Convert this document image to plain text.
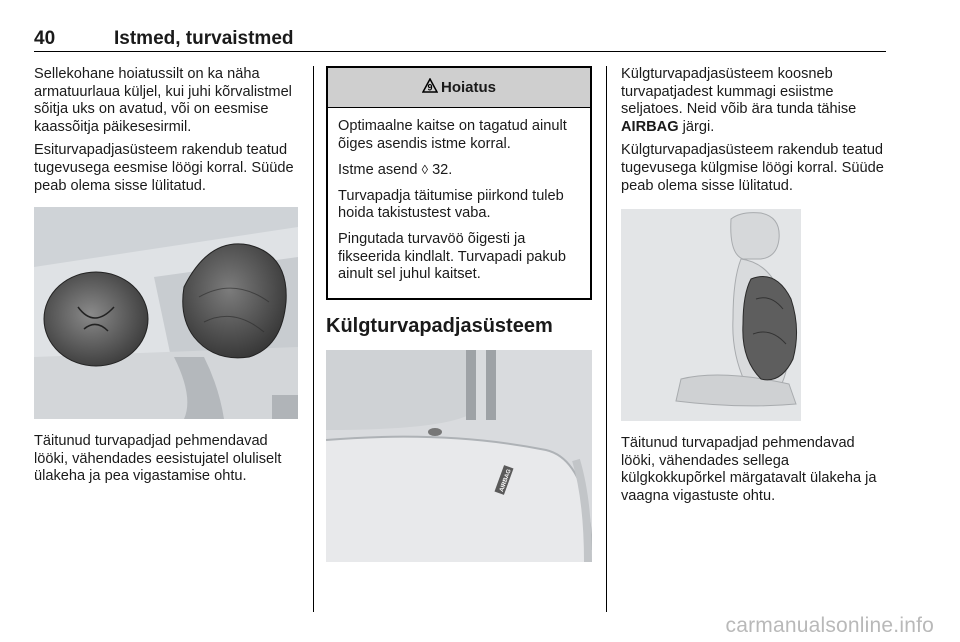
40	Istmed, turvaistmed

Sellekohane hoiatussilt on ka näha armatuurlaua küljel, kui juhi kõrvalistmel sõitja uks on avatud, või on eesmise kaassõitja päikesesirmil.

Esiturvapadjasüsteem rakendub teatud tugevusega eesmise löögi korral. Süüde peab olema sisse lülitatud.

Täitunud turvapadjad pehmendavad lööki, vähendades eesistujatel oluliselt ülakeha ja pea vigastamise ohtu.

9 Hoiatus

Optimaalne kaitse on tagatud ainult õiges asendis istme korral.

Istme asend ◊ 32.

Turvapadja täitumise piirkond tuleb hoida takistustest vaba.

Pingutada turvavöö õigesti ja fikseerida kindlalt. Turvapadi pakub ainult sel juhul kaitset.

Külgturvapadjasüsteem
AIRBAG

Külgturvapadjasüsteem koosneb turvapatjadest kummagi esiistme seljatoes. Neid võib ära tunda tähise AIRBAG järgi.

Külgturvapadjasüsteem rakendub teatud tugevusega külgmise löögi korral. Süüde peab olema sisse lülitatud.

Täitunud turvapadjad pehmendavad lööki, vähendades sellega külgkokkupõrkel märgatavalt ülakeha ja vaagna vigastuste ohtu.

carmanualsonline.info
